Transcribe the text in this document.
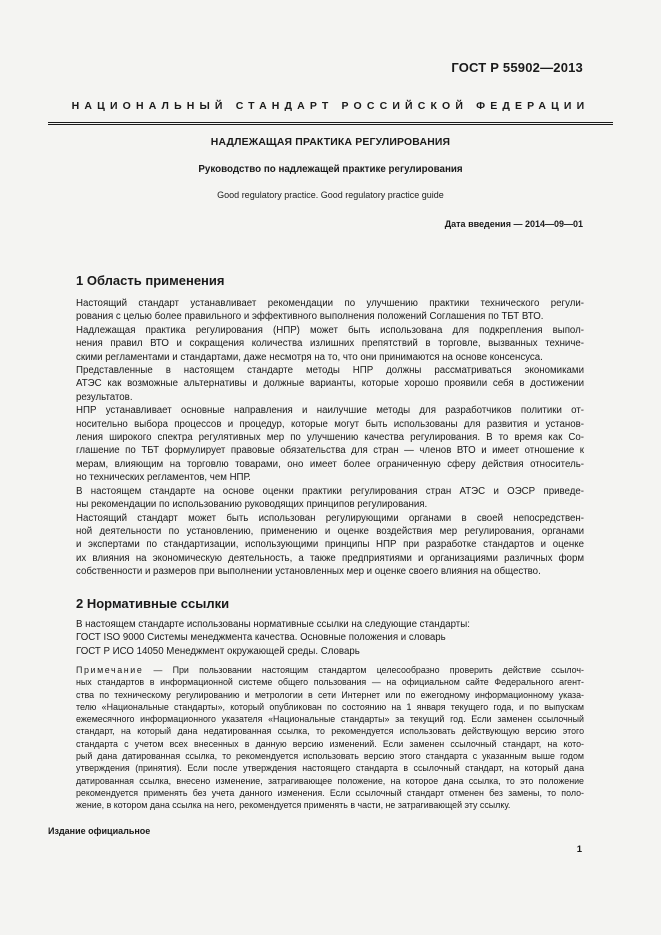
ГОСТ Р 55902—2013
НАЦИОНАЛЬНЫЙ СТАНДАРТ РОССИЙСКОЙ ФЕДЕРАЦИИ
НАДЛЕЖАЩАЯ ПРАКТИКА РЕГУЛИРОВАНИЯ
Руководство по надлежащей практике регулирования
Good regulatory practice. Good regulatory practice guide
Дата введения — 2014—09—01
1 Область применения
Настоящий стандарт устанавливает рекомендации по улучшению практики технического регули-
рования с целью более правильного и эффективного выполнения положений Соглашения по ТБТ ВТО.
Надлежащая практика регулирования (НПР) может быть использована для подкрепления выпол-
нения правил ВТО и сокращения количества излишних препятствий в торговле, вызванных техниче-
скими регламентами и стандартами, даже несмотря на то, что они принимаются на основе консенсуса.
Представленные в настоящем стандарте методы НПР должны рассматриваться экономиками
АТЭС как возможные альтернативы и должные варианты, которые хорошо проявили себя в достижении
результатов.
НПР устанавливает основные направления и наилучшие методы для разработчиков политики от-
носительно выбора процессов и процедур, которые могут быть использованы для развития и установ-
ления широкого спектра регулятивных мер по улучшению качества регулирования. В то время как Со-
глашение по ТБТ формулирует правовые обязательства для стран — членов ВТО и имеет отношение к
мерам, влияющим на торговлю товарами, оно имеет более ограниченную сферу действия относитель-
но технических регламентов, чем НПР.
В настоящем стандарте на основе оценки практики регулирования стран АТЭС и ОЭСР приведе-
ны рекомендации по использованию руководящих принципов регулирования.
Настоящий стандарт может быть использован регулирующими органами в своей непосредствен-
ной деятельности по установлению, применению и оценке воздействия мер регулирования, органами
и экспертами по стандартизации, использующими принципы НПР при разработке стандартов и оценке
их влияния на экономическую деятельность, а также предприятиями и организациями различных форм
собственности и размеров при выполнении установленных мер и оценке своего влияния на общество.
2 Нормативные ссылки
В настоящем стандарте использованы нормативные ссылки на следующие стандарты:
ГОСТ ISO 9000 Системы менеджмента качества. Основные положения и словарь
ГОСТ Р ИСО 14050 Менеджмент окружающей среды. Словарь
Примечание — При пользовании настоящим стандартом целесообразно проверить действие ссылоч-
ных стандартов в информационной системе общего пользования — на официальном сайте Федерального агент-
ства по техническому регулированию и метрологии в сети Интернет или по ежегодному информационному указа-
телю «Национальные стандарты», который опубликован по состоянию на 1 января текущего года, и по выпускам
ежемесячного информационного указателя «Национальные стандарты» за текущий год. Если заменен ссылочный
стандарт, на который дана недатированная ссылка, то рекомендуется использовать действующую версию этого
стандарта с учетом всех внесенных в данную версию изменений. Если заменен ссылочный стандарт, на кото-
рый дана датированная ссылка, то рекомендуется использовать версию этого стандарта с указанным выше годом
утверждения (принятия). Если после утверждения настоящего стандарта в ссылочный стандарт, на который дана
датированная ссылка, внесено изменение, затрагивающее положение, на которое дана ссылка, то это положение
рекомендуется применять без учета данного изменения. Если ссылочный стандарт отменен без замены, то поло-
жение, в котором дана ссылка на него, рекомендуется применять в части, не затрагивающей эту ссылку.
Издание официальное
1
